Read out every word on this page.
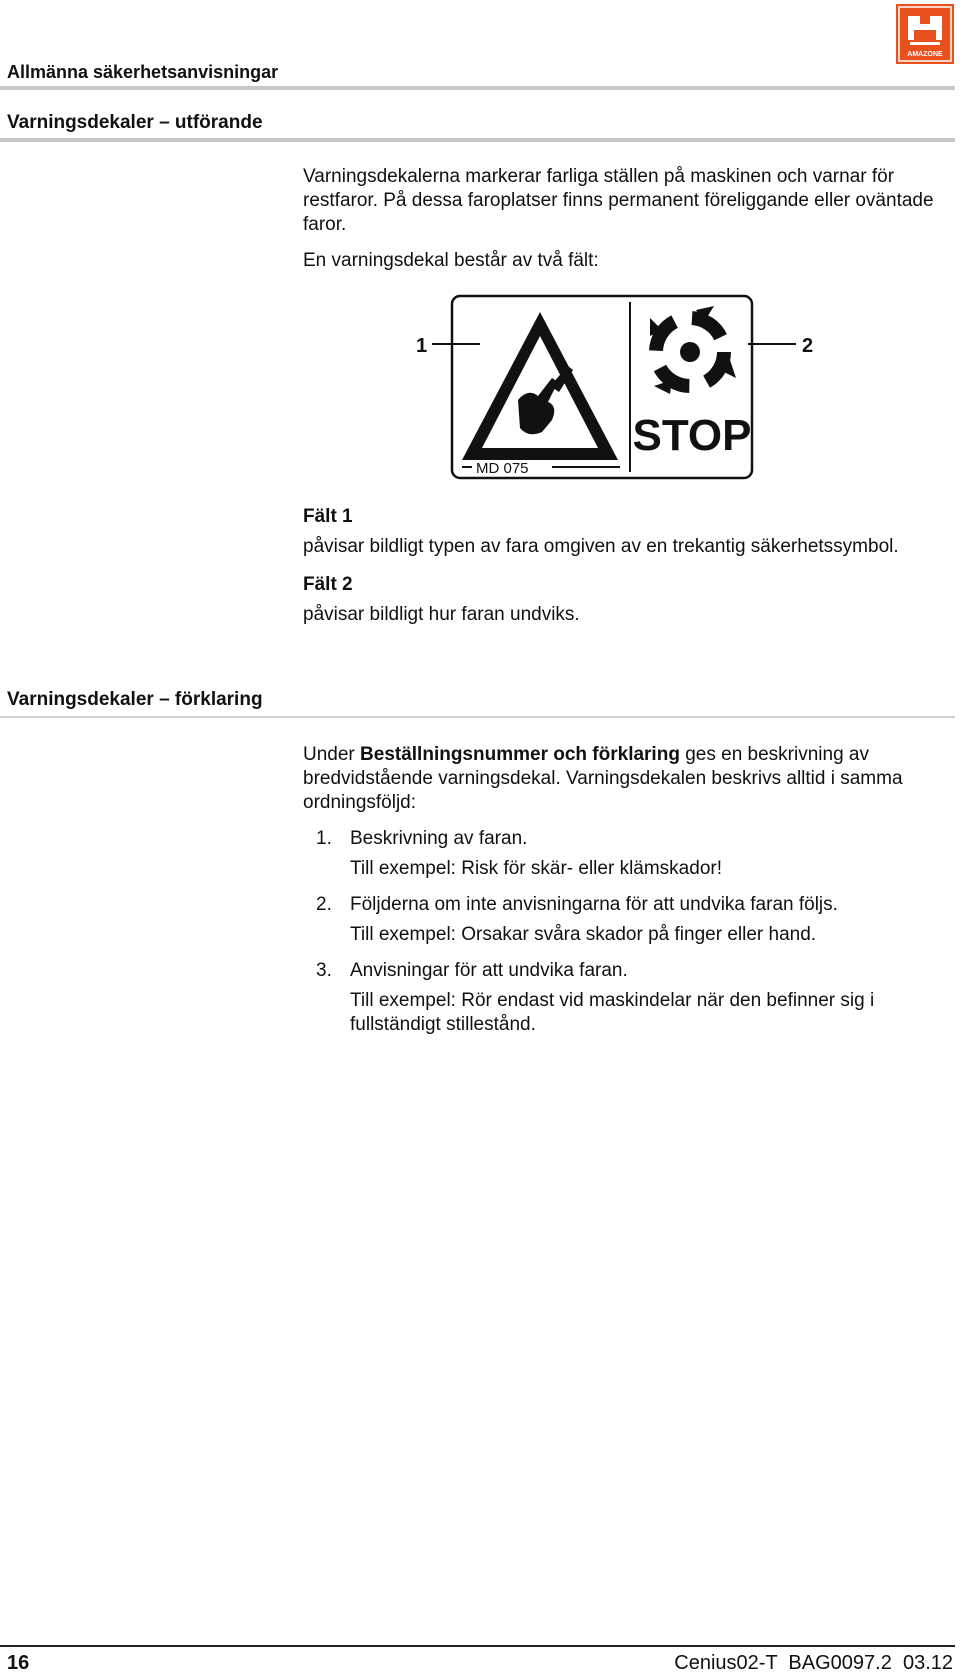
AMAZONE
Allmänna säkerhetsanvisningar
Varningsdekaler – utförande

Varningsdekalerna markerar farliga ställen på maskinen och varnar för restfaror. På dessa faroplatser finns permanent föreliggande eller oväntade faror.

En varningsdekal består av två fält:

1	2
MD 075
STOP

Fält 1

påvisar bildligt typen av fara omgiven av en trekantig säkerhetssymbol.

Fält 2

påvisar bildligt hur faran undviks.

Varningsdekaler – förklaring

Under Beställningsnummer och förklaring ges en beskrivning av bredvidstående varningsdekal. Varningsdekalen beskrivs alltid i samma ordningsföljd:

1. Beskrivning av faran.
Till exempel: Risk för skär- eller klämskador!
2. Följderna om inte anvisningarna för att undvika faran följs.
Till exempel: Orsakar svåra skador på finger eller hand.
3. Anvisningar för att undvika faran.
Till exempel: Rör endast vid maskindelar när den befinner sig i fullständigt stillestånd.
16	Cenius02-T  BAG0097.2  03.12
